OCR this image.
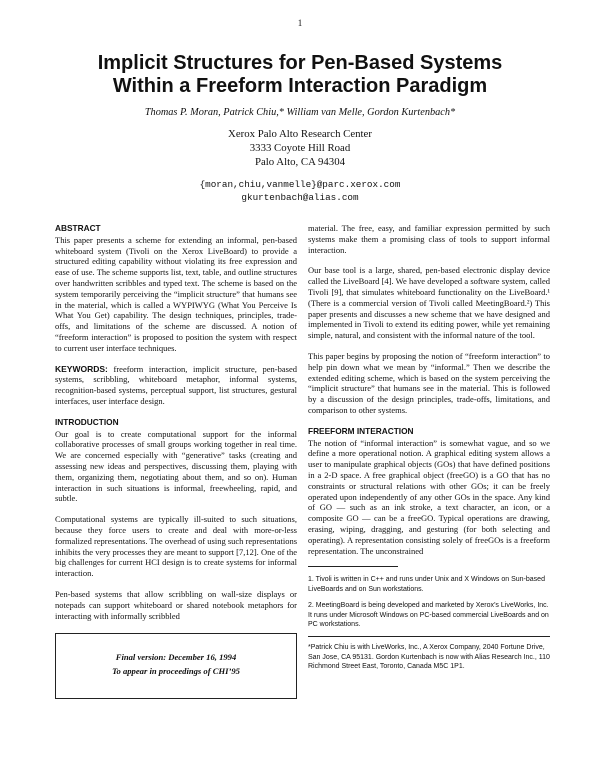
1
Implicit Structures for Pen-Based Systems
Within a Freeform Interaction Paradigm

Thomas P. Moran, Patrick Chiu,* William van Melle, Gordon Kurtenbach*

Xerox Palo Alto Research Center
3333 Coyote Hill Road
Palo Alto, CA 94304
{moran,chiu,vanmelle}@parc.xerox.com
gkurtenbach@alias.com
ABSTRACT

This paper presents a scheme for extending an informal, pen-based whiteboard system (Tivoli on the Xerox LiveBoard) to provide a structured editing capability without violating its free expression and ease of use. The scheme supports list, text, table, and outline structures over handwritten scribbles and typed text. The scheme is based on the system temporarily perceiving the “implicit structure” that humans see in the material, which is called a WYPIWYG (What You Perceive Is What You Get) capability. The design techniques, principles, trade-offs, and limitations of the scheme are discussed. A notion of “freeform interaction” is proposed to position the system with respect to current user interface techniques.

KEYWORDS: freeform interaction, implicit structure, pen-based systems, scribbling, whiteboard metaphor, informal systems, recognition-based systems, perceptual support, list structures, gestural interfaces, user interface design.

INTRODUCTION

Our goal is to create computational support for the informal collaborative processes of small groups working together in real time. We are concerned especially with “generative” tasks (creating and assessing new ideas and perspectives, discussing them, playing with them, organizing them, negotiating about them, and so on). Human interaction in such situations is informal, freewheeling, rapid, and subtle.

Computational systems are typically ill-suited to such situations, because they force users to create and deal with more-or-less formalized representations. The overhead of using such representations inhibits the very processes they are meant to support [7,12]. One of the big challenges for current HCI design is to create systems for informal interaction.

Pen-based systems that allow scribbling on wall-size displays or notepads can support whiteboard or shared notebook metaphors for interacting with informally scribbled

Final version: December 16, 1994
To appear in proceedings of CHI’95

material. The free, easy, and familiar expression permitted by such systems make them a promising class of tools to support informal interaction.

Our base tool is a large, shared, pen-based electronic display device called the LiveBoard [4]. We have developed a software system, called Tivoli [9], that simulates whiteboard functionality on the LiveBoard.¹ (There is a commercial version of Tivoli called MeetingBoard.²) This paper presents and discusses a new scheme that we have designed and implemented in Tivoli to extend its editing power, while yet remaining simple, natural, and consistent with the informal nature of the tool.

This paper begins by proposing the notion of “freeform interaction” to help pin down what we mean by “informal.” Then we describe the extended editing scheme, which is based on the system perceiving the “implicit structure” that humans see in the material. This is followed by a discussion of the design principles, trade-offs, limitations, and comparison to other systems.

FREEFORM INTERACTION

The notion of “informal interaction” is somewhat vague, and so we define a more operational notion. A graphical editing system allows a user to manipulate graphical objects (GOs) that have defined positions in a 2-D space. A free graphical object (freeGO) is a GO that has no constraints or structural relations with other GOs; it can be freely operated upon independently of any other GOs in the space. Any kind of GO — such as an ink stroke, a text character, an icon, or a composite GO — can be a freeGO. Typical operations are drawing, erasing, wiping, dragging, and gesturing (for both selecting and operating). A representation consisting solely of freeGOs is a freeform representation. The unconstrained

1. Tivoli is written in C++ and runs under Unix and X Windows on Sun-based LiveBoards and on Sun workstations.

2. MeetingBoard is being developed and marketed by Xerox’s LiveWorks, Inc. It runs under Microsoft Windows on PC-based commercial LiveBoards and on PC workstations.

*Patrick Chiu is with LiveWorks, Inc., A Xerox Company, 2040 Fortune Drive, San Jose, CA 95131. Gordon Kurtenbach is now with Alias Research Inc., 110 Richmond Street East, Toronto, Canada M5C 1P1.
